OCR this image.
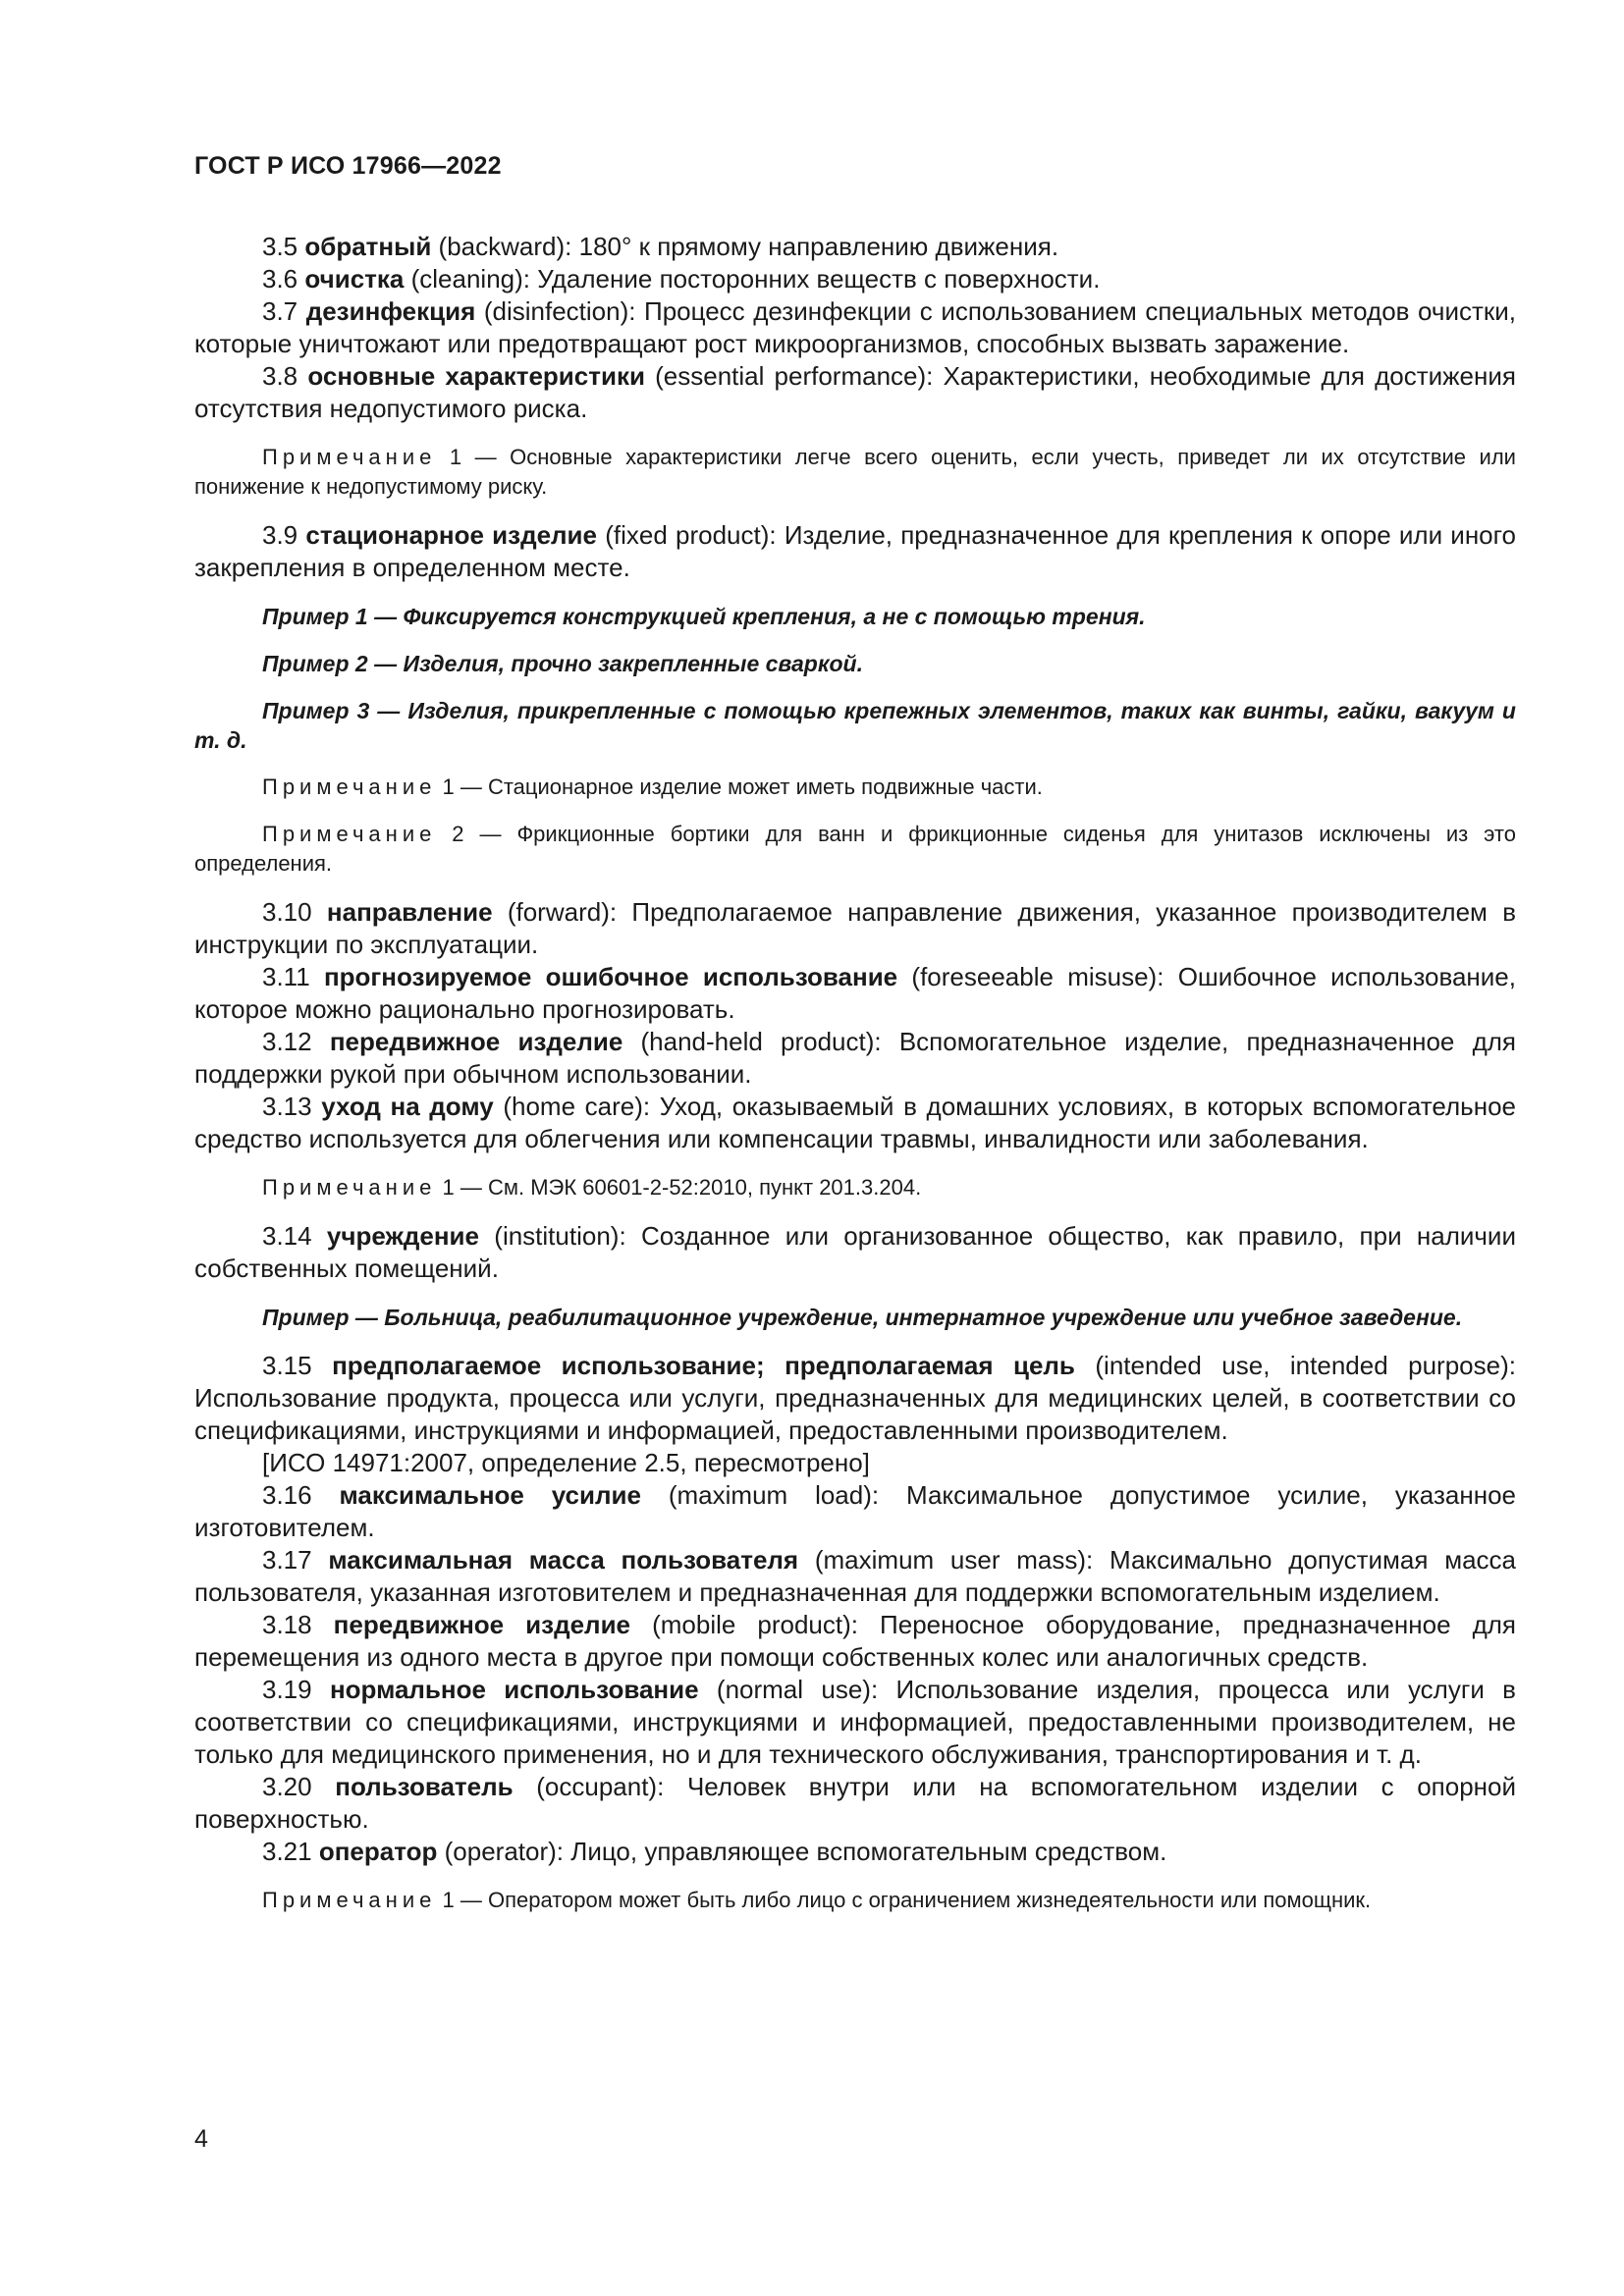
ГОСТ Р ИСО 17966—2022

3.5 обратный (backward): 180° к прямому направлению движения.

3.6 очистка (cleaning): Удаление посторонних веществ с поверхности.

3.7 дезинфекция (disinfection): Процесс дезинфекции с использованием специальных методов очистки, которые уничтожают или предотвращают рост микроорганизмов, способных вызвать заражение.

3.8 основные характеристики (essential performance): Характеристики, необходимые для достижения отсутствия недопустимого риска.

Примечание 1 — Основные характеристики легче всего оценить, если учесть, приведет ли их отсутствие или понижение к недопустимому риску.

3.9 стационарное изделие (fixed product): Изделие, предназначенное для крепления к опоре или иного закрепления в определенном месте.

Пример 1 — Фиксируется конструкцией крепления, а не с помощью трения.

Пример 2 — Изделия, прочно закрепленные сваркой.

Пример 3 — Изделия, прикрепленные с помощью крепежных элементов, таких как винты, гайки, вакуум и т. д.

Примечание 1 — Стационарное изделие может иметь подвижные части.

Примечание 2 — Фрикционные бортики для ванн и фрикционные сиденья для унитазов исключены из это определения.

3.10 направление (forward): Предполагаемое направление движения, указанное производителем в инструкции по эксплуатации.

3.11 прогнозируемое ошибочное использование (foreseeable misuse): Ошибочное использование, которое можно рационально прогнозировать.

3.12 передвижное изделие (hand-held product): Вспомогательное изделие, предназначенное для поддержки рукой при обычном использовании.

3.13 уход на дому (home care): Уход, оказываемый в домашних условиях, в которых вспомогательное средство используется для облегчения или компенсации травмы, инвалидности или заболевания.

Примечание 1 — См. МЭК 60601-2-52:2010, пункт 201.3.204.

3.14 учреждение (institution): Созданное или организованное общество, как правило, при наличии собственных помещений.

Пример — Больница, реабилитационное учреждение, интернатное учреждение или учебное заведение.

3.15 предполагаемое использование; предполагаемая цель (intended use, intended purpose): Использование продукта, процесса или услуги, предназначенных для медицинских целей, в соответствии со спецификациями, инструкциями и информацией, предоставленными производителем.

[ИСО 14971:2007, определение 2.5, пересмотрено]

3.16 максимальное усилие (maximum load): Максимальное допустимое усилие, указанное изготовителем.

3.17 максимальная масса пользователя (maximum user mass): Максимально допустимая масса пользователя, указанная изготовителем и предназначенная для поддержки вспомогательным изделием.

3.18 передвижное изделие (mobile product): Переносное оборудование, предназначенное для перемещения из одного места в другое при помощи собственных колес или аналогичных средств.

3.19 нормальное использование (normal use): Использование изделия, процесса или услуги в соответствии со спецификациями, инструкциями и информацией, предоставленными производителем, не только для медицинского применения, но и для технического обслуживания, транспортирования и т. д.

3.20 пользователь (occupant): Человек внутри или на вспомогательном изделии с опорной поверхностью.

3.21 оператор (operator): Лицо, управляющее вспомогательным средством.

Примечание 1 — Оператором может быть либо лицо с ограничением жизнедеятельности или помощник.

4
